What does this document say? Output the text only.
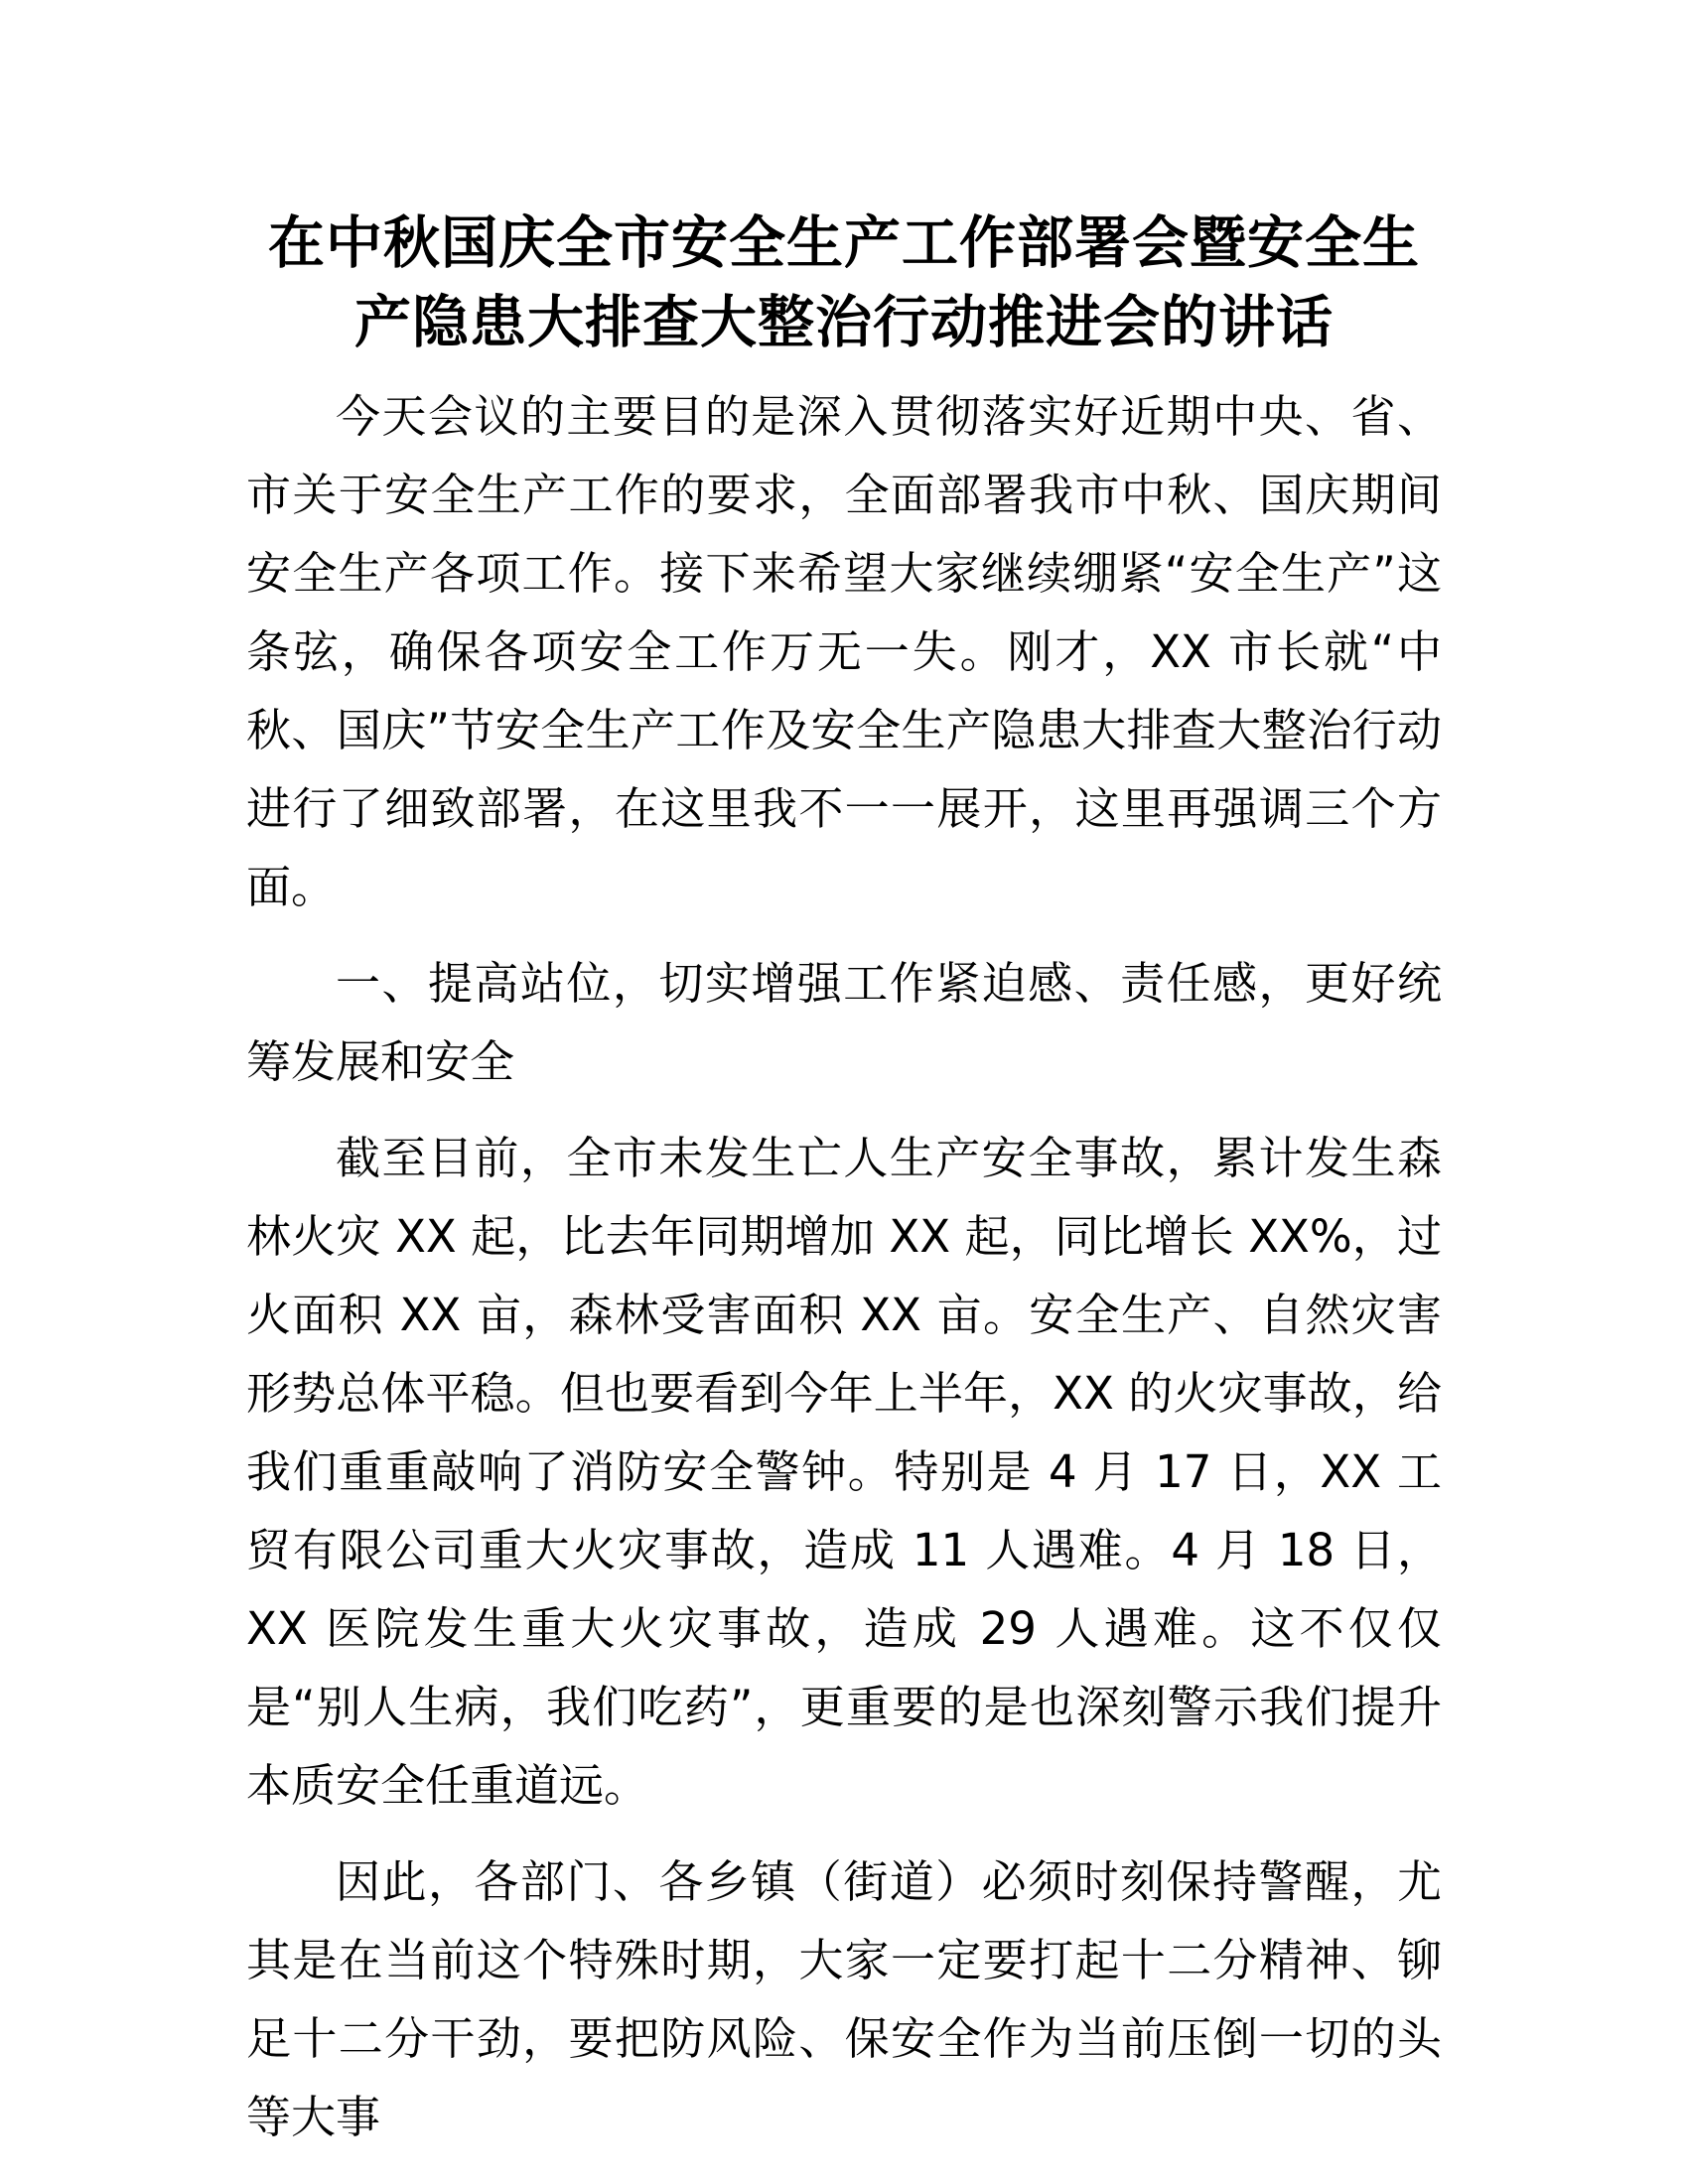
在中秋国庆全市安全生产工作部署会暨安全生
产隐患大排查大整治行动推进会的讲话

今天会议的主要目的是深入贯彻落实好近期中央、省、市关于安全生产工作的要求，全面部署我市中秋、国庆期间安全生产各项工作。接下来希望大家继续绷紧“安全生产”这条弦，确保各项安全工作万无一失。刚才，XX 市长就“中秋、国庆”节安全生产工作及安全生产隐患大排查大整治行动进行了细致部署，在这里我不一一展开，这里再强调三个方面。

一、提高站位，切实增强工作紧迫感、责任感，更好统筹发展和安全

截至目前，全市未发生亡人生产安全事故，累计发生森林火灾 XX 起，比去年同期增加 XX 起，同比增长 XX%，过火面积 XX 亩，森林受害面积 XX 亩。安全生产、自然灾害形势总体平稳。但也要看到今年上半年，XX 的火灾事故，给我们重重敲响了消防安全警钟。特别是 4 月 17 日，XX 工贸有限公司重大火灾事故，造成 11 人遇难。4 月 18 日，XX 医院发生重大火灾事故，造成 29 人遇难。这不仅仅是“别人生病，我们吃药”，更重要的是也深刻警示我们提升本质安全任重道远。

因此，各部门、各乡镇（街道）必须时刻保持警醒，尤其是在当前这个特殊时期，大家一定要打起十二分精神、铆足十二分干劲，要把防风险、保安全作为当前压倒一切的头等大事
